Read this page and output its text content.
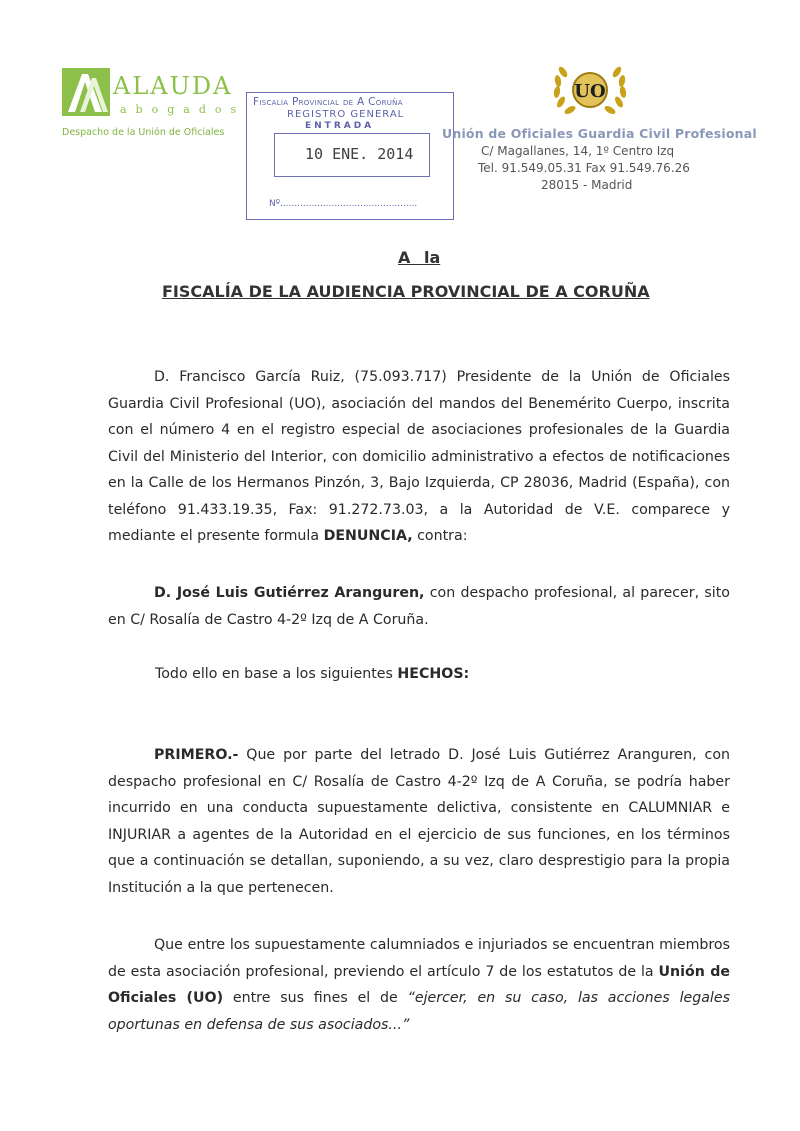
ALAUDA
abogados
Despacho de la Unión de Oficiales
Fiscalía Provincial de A Coruña
REGISTRO GENERAL
ENTRADA
10 ENE. 2014
Nº................................................
UO
Unión de Oficiales Guardia Civil Profesional
C/ Magallanes, 14, 1º Centro Izq
Tel. 91.549.05.31 Fax 91.549.76.26
28015 - Madrid
A la
FISCALÍA DE LA AUDIENCIA PROVINCIAL DE A CORUÑA
D. Francisco García Ruiz, (75.093.717) Presidente de la Unión de Oficiales Guardia Civil Profesional (UO), asociación del mandos del Benemérito Cuerpo, inscrita con el número 4 en el registro especial de asociaciones profesionales de la Guardia Civil del Ministerio del Interior, con domicilio administrativo a efectos de notificaciones en la Calle de los Hermanos Pinzón, 3, Bajo Izquierda, CP 28036, Madrid (España), con teléfono 91.433.19.35, Fax: 91.272.73.03, a la Autoridad de V.E. comparece y mediante el presente formula DENUNCIA, contra:
D. José Luis Gutiérrez Aranguren, con despacho profesional, al parecer, sito en C/ Rosalía de Castro 4-2º Izq de A Coruña.
Todo ello en base a los siguientes HECHOS:
PRIMERO.- Que por parte del letrado D. José Luis Gutiérrez Aranguren, con despacho profesional en C/ Rosalía de Castro 4-2º Izq de A Coruña, se podría haber incurrido en una conducta supuestamente delictiva, consistente en CALUMNIAR e INJURIAR a agentes de la Autoridad en el ejercicio de sus funciones, en los términos que a continuación se detallan, suponiendo, a su vez, claro desprestigio para la propia Institución a la que pertenecen.
Que entre los supuestamente calumniados e injuriados se encuentran miembros de esta asociación profesional, previendo el artículo 7 de los estatutos de la Unión de Oficiales (UO) entre sus fines el de “ejercer, en su caso, las acciones legales oportunas en defensa de sus asociados...”
